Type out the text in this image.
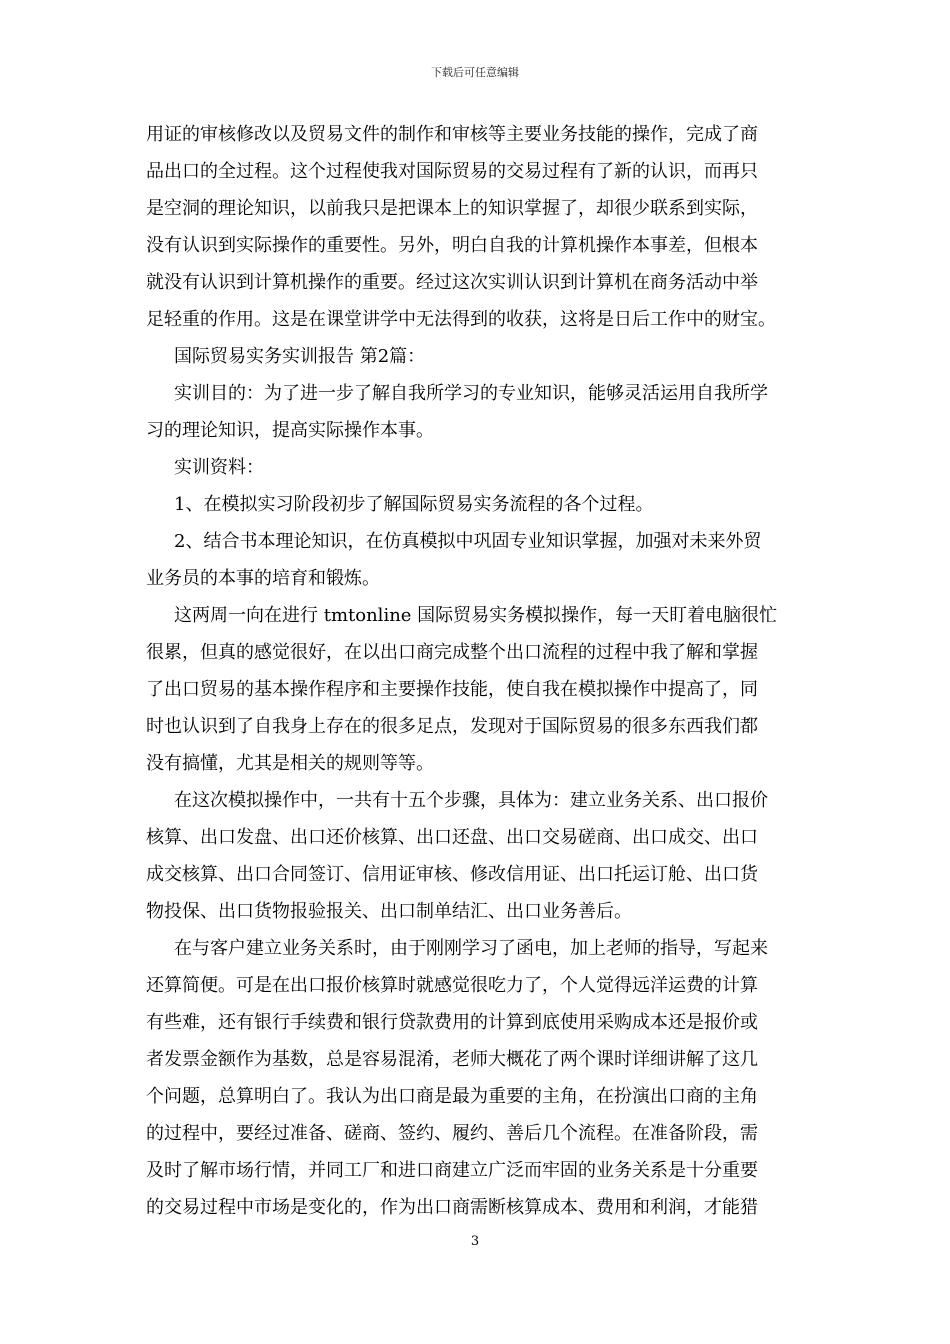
下载后可任意编辑
用证的审核修改以及贸易文件的制作和审核等主要业务技能的操作，完成了商
品出口的全过程。这个过程使我对国际贸易的交易过程有了新的认识，而再只
是空洞的理论知识，以前我只是把课本上的知识掌握了，却很少联系到实际，
没有认识到实际操作的重要性。另外，明白自我的计算机操作本事差，但根本
就没有认识到计算机操作的重要。经过这次实训认识到计算机在商务活动中举
足轻重的作用。这是在课堂讲学中无法得到的收获，这将是日后工作中的财宝。
国际贸易实务实训报告 第2篇：
实训目的：为了进一步了解自我所学习的专业知识，能够灵活运用自我所学
习的理论知识，提高实际操作本事。
实训资料：
1、在模拟实习阶段初步了解国际贸易实务流程的各个过程。
2、结合书本理论知识，在仿真模拟中巩固专业知识掌握，加强对未来外贸
业务员的本事的培育和锻炼。
这两周一向在进行 tmtonline 国际贸易实务模拟操作，每一天盯着电脑很忙
很累，但真的感觉很好，在以出口商完成整个出口流程的过程中我了解和掌握
了出口贸易的基本操作程序和主要操作技能，使自我在模拟操作中提高了，同
时也认识到了自我身上存在的很多足点，发现对于国际贸易的很多东西我们都
没有搞懂，尤其是相关的规则等等。
在这次模拟操作中，一共有十五个步骤，具体为：建立业务关系、出口报价
核算、出口发盘、出口还价核算、出口还盘、出口交易磋商、出口成交、出口
成交核算、出口合同签订、信用证审核、修改信用证、出口托运订舱、出口货
物投保、出口货物报验报关、出口制单结汇、出口业务善后。
在与客户建立业务关系时，由于刚刚学习了函电，加上老师的指导，写起来
还算简便。可是在出口报价核算时就感觉很吃力了，个人觉得远洋运费的计算
有些难，还有银行手续费和银行贷款费用的计算到底使用采购成本还是报价或
者发票金额作为基数，总是容易混淆，老师大概花了两个课时详细讲解了这几
个问题，总算明白了。我认为出口商是最为重要的主角，在扮演出口商的主角
的过程中，要经过准备、磋商、签约、履约、善后几个流程。在准备阶段，需
及时了解市场行情，并同工厂和进口商建立广泛而牢固的业务关系是十分重要
的交易过程中市场是变化的，作为出口商需断核算成本、费用和利润，才能猎
3
